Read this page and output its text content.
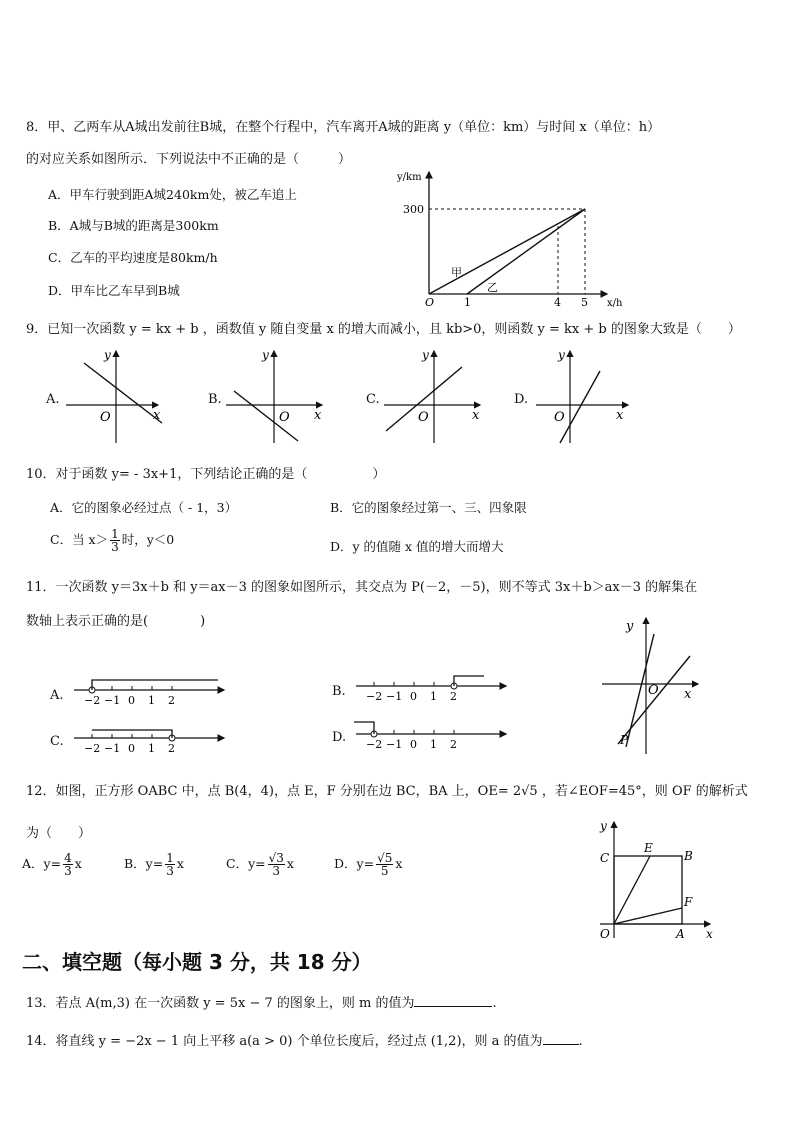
8．甲、乙两车从A城出发前往B城，在整个行程中，汽车离开A城的距离 y（单位：km）与时间 x（单位：h）
的对应关系如图所示．下列说法中不正确的是（　　　）
A．甲车行驶到距A城240km处，被乙车追上
B．A城与B城的距离是300km
C．乙车的平均速度是80km/h
D．甲车比乙车早到B城
y/km
300
O	1	4 5 x/h
甲
乙
9．已知一次函数 y = kx + b ，函数值 y 随自变量 x 的增大而减小，且 kb>0，则函数 y = kx + b 的图象大致是（　　）
A.
y
x
O
B.
y
x
O
C.
y
x
O
D.
y
x
O
10．对于函数 y= - 3x+1，下列结论正确的是（　　　　　）
A．它的图象必经过点（ - 1，3）	B．它的图象经过第一、三、四象限
C．当 $x> \frac{1}{3}$ 时，y＜0	D．y 的值随 x 值的增大而增大
11．一次函数 y＝3x＋b 和 y＝ax－3 的图象如图所示，其交点为 P(－2，－5)，则不等式 3x＋b＞ax－3 的解集在
数轴上表示正确的是(　　　　)
A. −2 −1 0 1 2
B. −2 −1 0 1 2
C. −2 −1 0 1 2
D. −2 −1 0 1 2
y
x
O
P
12．如图，正方形 OABC 中，点 B(4，4)，点 E，F 分别在边 BC，BA 上，OE= 2√5 ，若∠EOF=45°，则 OF 的解析式
为（　　）
A．$y= \frac{4}{3}$ x	B．$y= \frac{1}{3}$ x	C．$y= \frac{√3}{3}$ x	D．$y= \frac{√5}{5}$ x
y
x
O	A
B
C
E
F
二、填空题（每小题 3 分，共 18 分）
13．若点 A(m,3) 在一次函数 y = 5x − 7 的图象上，则 m 的值为	.
14．将直线 y = −2x − 1 向上平移 a(a > 0) 个单位长度后，经过点 (1,2)，则 a 的值为	.
